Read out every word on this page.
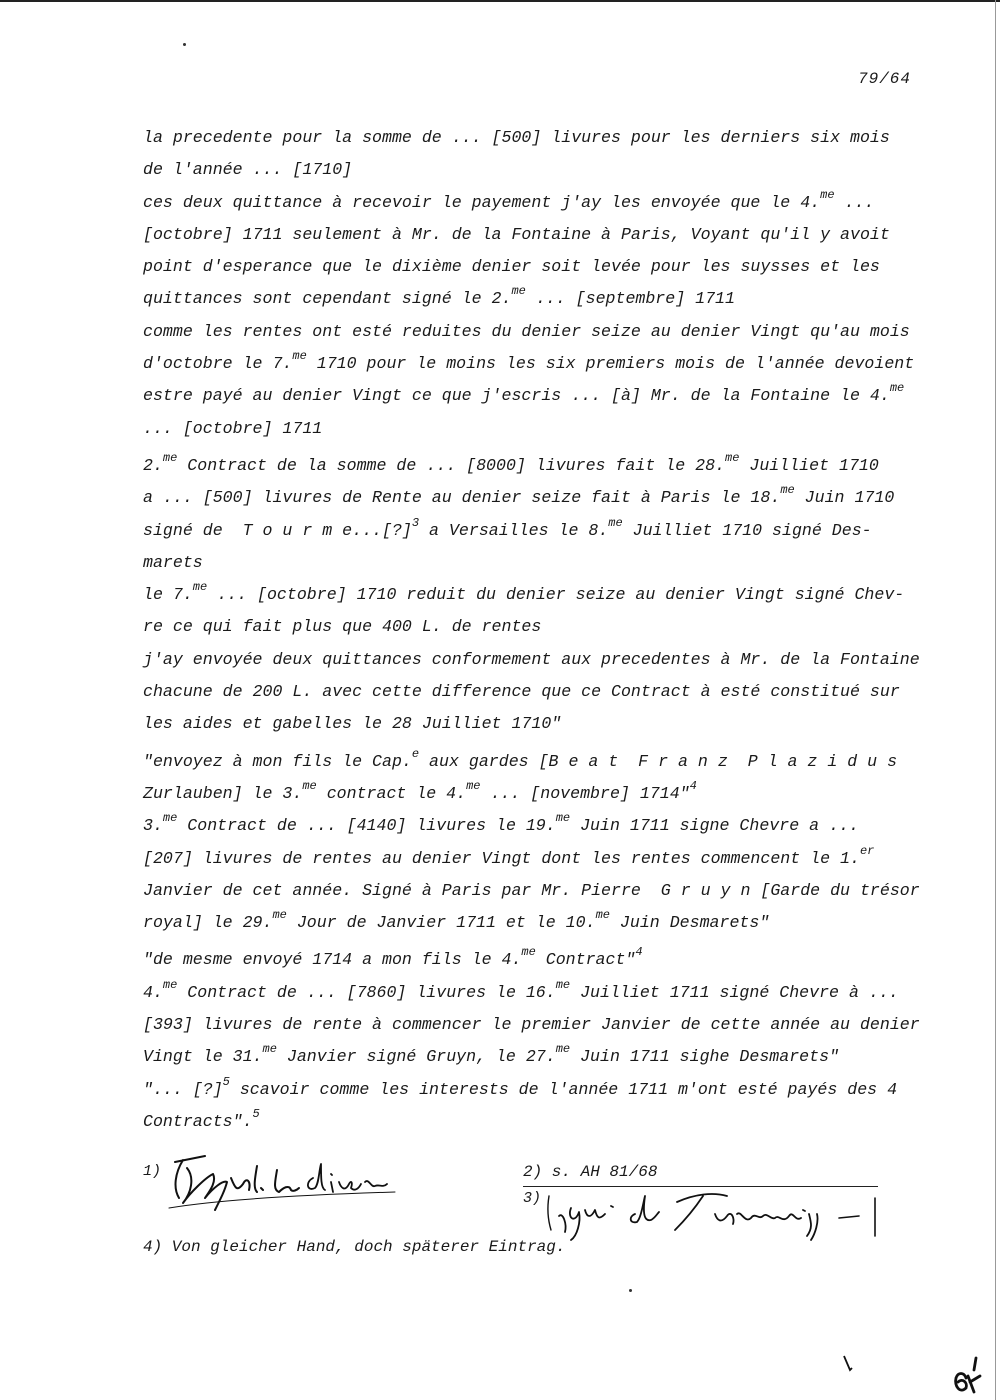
79/64
la precedente pour la somme de ... [500] livures pour les derniers six mois
de l'année ... [1710]
ces deux quittance à recevoir le payement j'ay les envoyée que le 4.$^{me}$ ...
[octobre] 1711 seulement à Mr. de la Fontaine à Paris, Voyant qu'il y avoit
point d'esperance que le dixième denier soit levée pour les suysses et les
quittances sont cependant signé le 2.$^{me}$ ... [septembre] 1711
comme les rentes ont esté reduites du denier seize au denier Vingt qu'au mois
d'octobre le 7.$^{me}$ 1710 pour le moins les six premiers mois de l'année devoient
estre payé au denier Vingt ce que j'escris ... [à] Mr. de la Fontaine le 4.$^{me}$
... [octobre] 1711
2.$^{me}$ Contract de la somme de ... [8000] livures fait le 28.$^{me}$ Juilliet 1710
a ... [500] livures de Rente au denier seize fait à Paris le 18.$^{me}$ Juin 1710
signé de  T o u r m e...[?]$^3$ a Versailles le 8.$^{me}$ Juilliet 1710 signé Des-
marets
le 7.$^{me}$ ... [octobre] 1710 reduit du denier seize au denier Vingt signé Chev-
re ce qui fait plus que 400 L. de rentes
j'ay envoyée deux quittances conformement aux precedentes à Mr. de la Fontaine
chacune de 200 L. avec cette difference que ce Contract à esté constitué sur
les aides et gabelles le 28 Juilliet 1710"
"envoyez à mon fils le Cap.$^e$ aux gardes [B e a t  F r a n z  P l a z i d u s
Zurlauben] le 3.$^{me}$ contract le 4.$^{me}$ ... [novembre] 1714"$^4$
3.$^{me}$ Contract de ... [4140] livures le 19.$^{me}$ Juin 1711 signe Chevre a ...
[207] livures de rentes au denier Vingt dont les rentes commencent le 1.$^{er}$
Janvier de cet année. Signé à Paris par Mr. Pierre  G r u y n [Garde du trésor
royal] le 29.$^{me}$ Jour de Janvier 1711 et le 10.$^{me}$ Juin Desmarets"
"de mesme envoyé 1714 a mon fils le 4.$^{me}$ Contract"$^4$
4.$^{me}$ Contract de ... [7860] livures le 16.$^{me}$ Juilliet 1711 signé Chevre à ...
[393] livures de rente à commencer le premier Janvier de cette année au denier
Vingt le 31.$^{me}$ Janvier signé Gruyn, le 27.$^{me}$ Juin 1711 sighe Desmarets"
"... [?]$^5$ scavoir comme les interests de l'année 1711 m'ont esté payés des 4
Contracts".$^5$
1)	2) s. AH 81/68
3)
4) Von gleicher Hand, doch späterer Eintrag.
